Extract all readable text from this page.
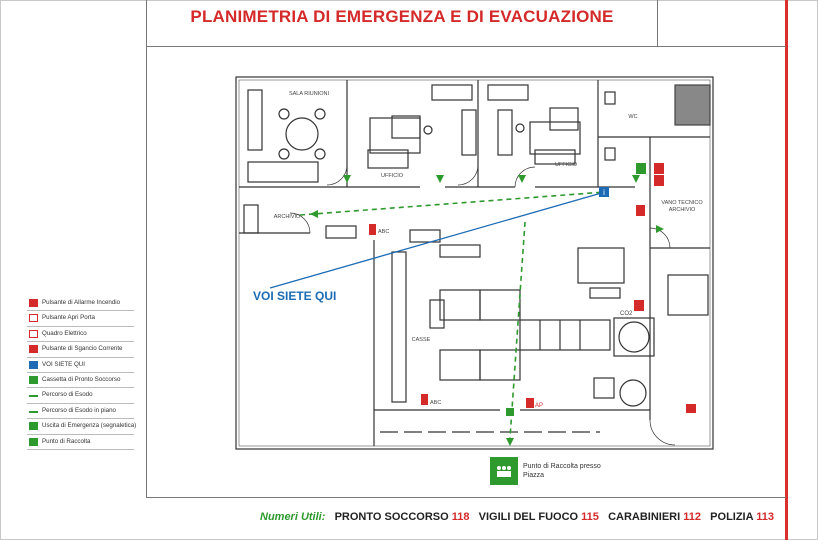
PLANIMETRIA DI EMERGENZA E DI EVACUAZIONE
i
SALA RIUNIONI
UFFICIO
UFFICIO
WC
ARCHIVIO
VANO TECNICO
ARCHIVIO
CASSE
ABC
ABC
CO2
AP
VOI SIETE QUI
Punto di Raccolta presso
Piazza
Pulsante di Allarme Incendio
Pulsante Apri Porta
Quadro Elettrico
Pulsante di Sgancio Corrente
VOI SIETE QUI
Cassetta di Pronto Soccorso
Percorso di Esodo
Percorso di Esodo in piano
Uscita di Emergenza (segnaletica)
Punto di Raccolta
Numeri Utili: PRONTO SOCCORSO 118 VIGILI DEL FUOCO 115 CARABINIERI 112 POLIZIA 113
